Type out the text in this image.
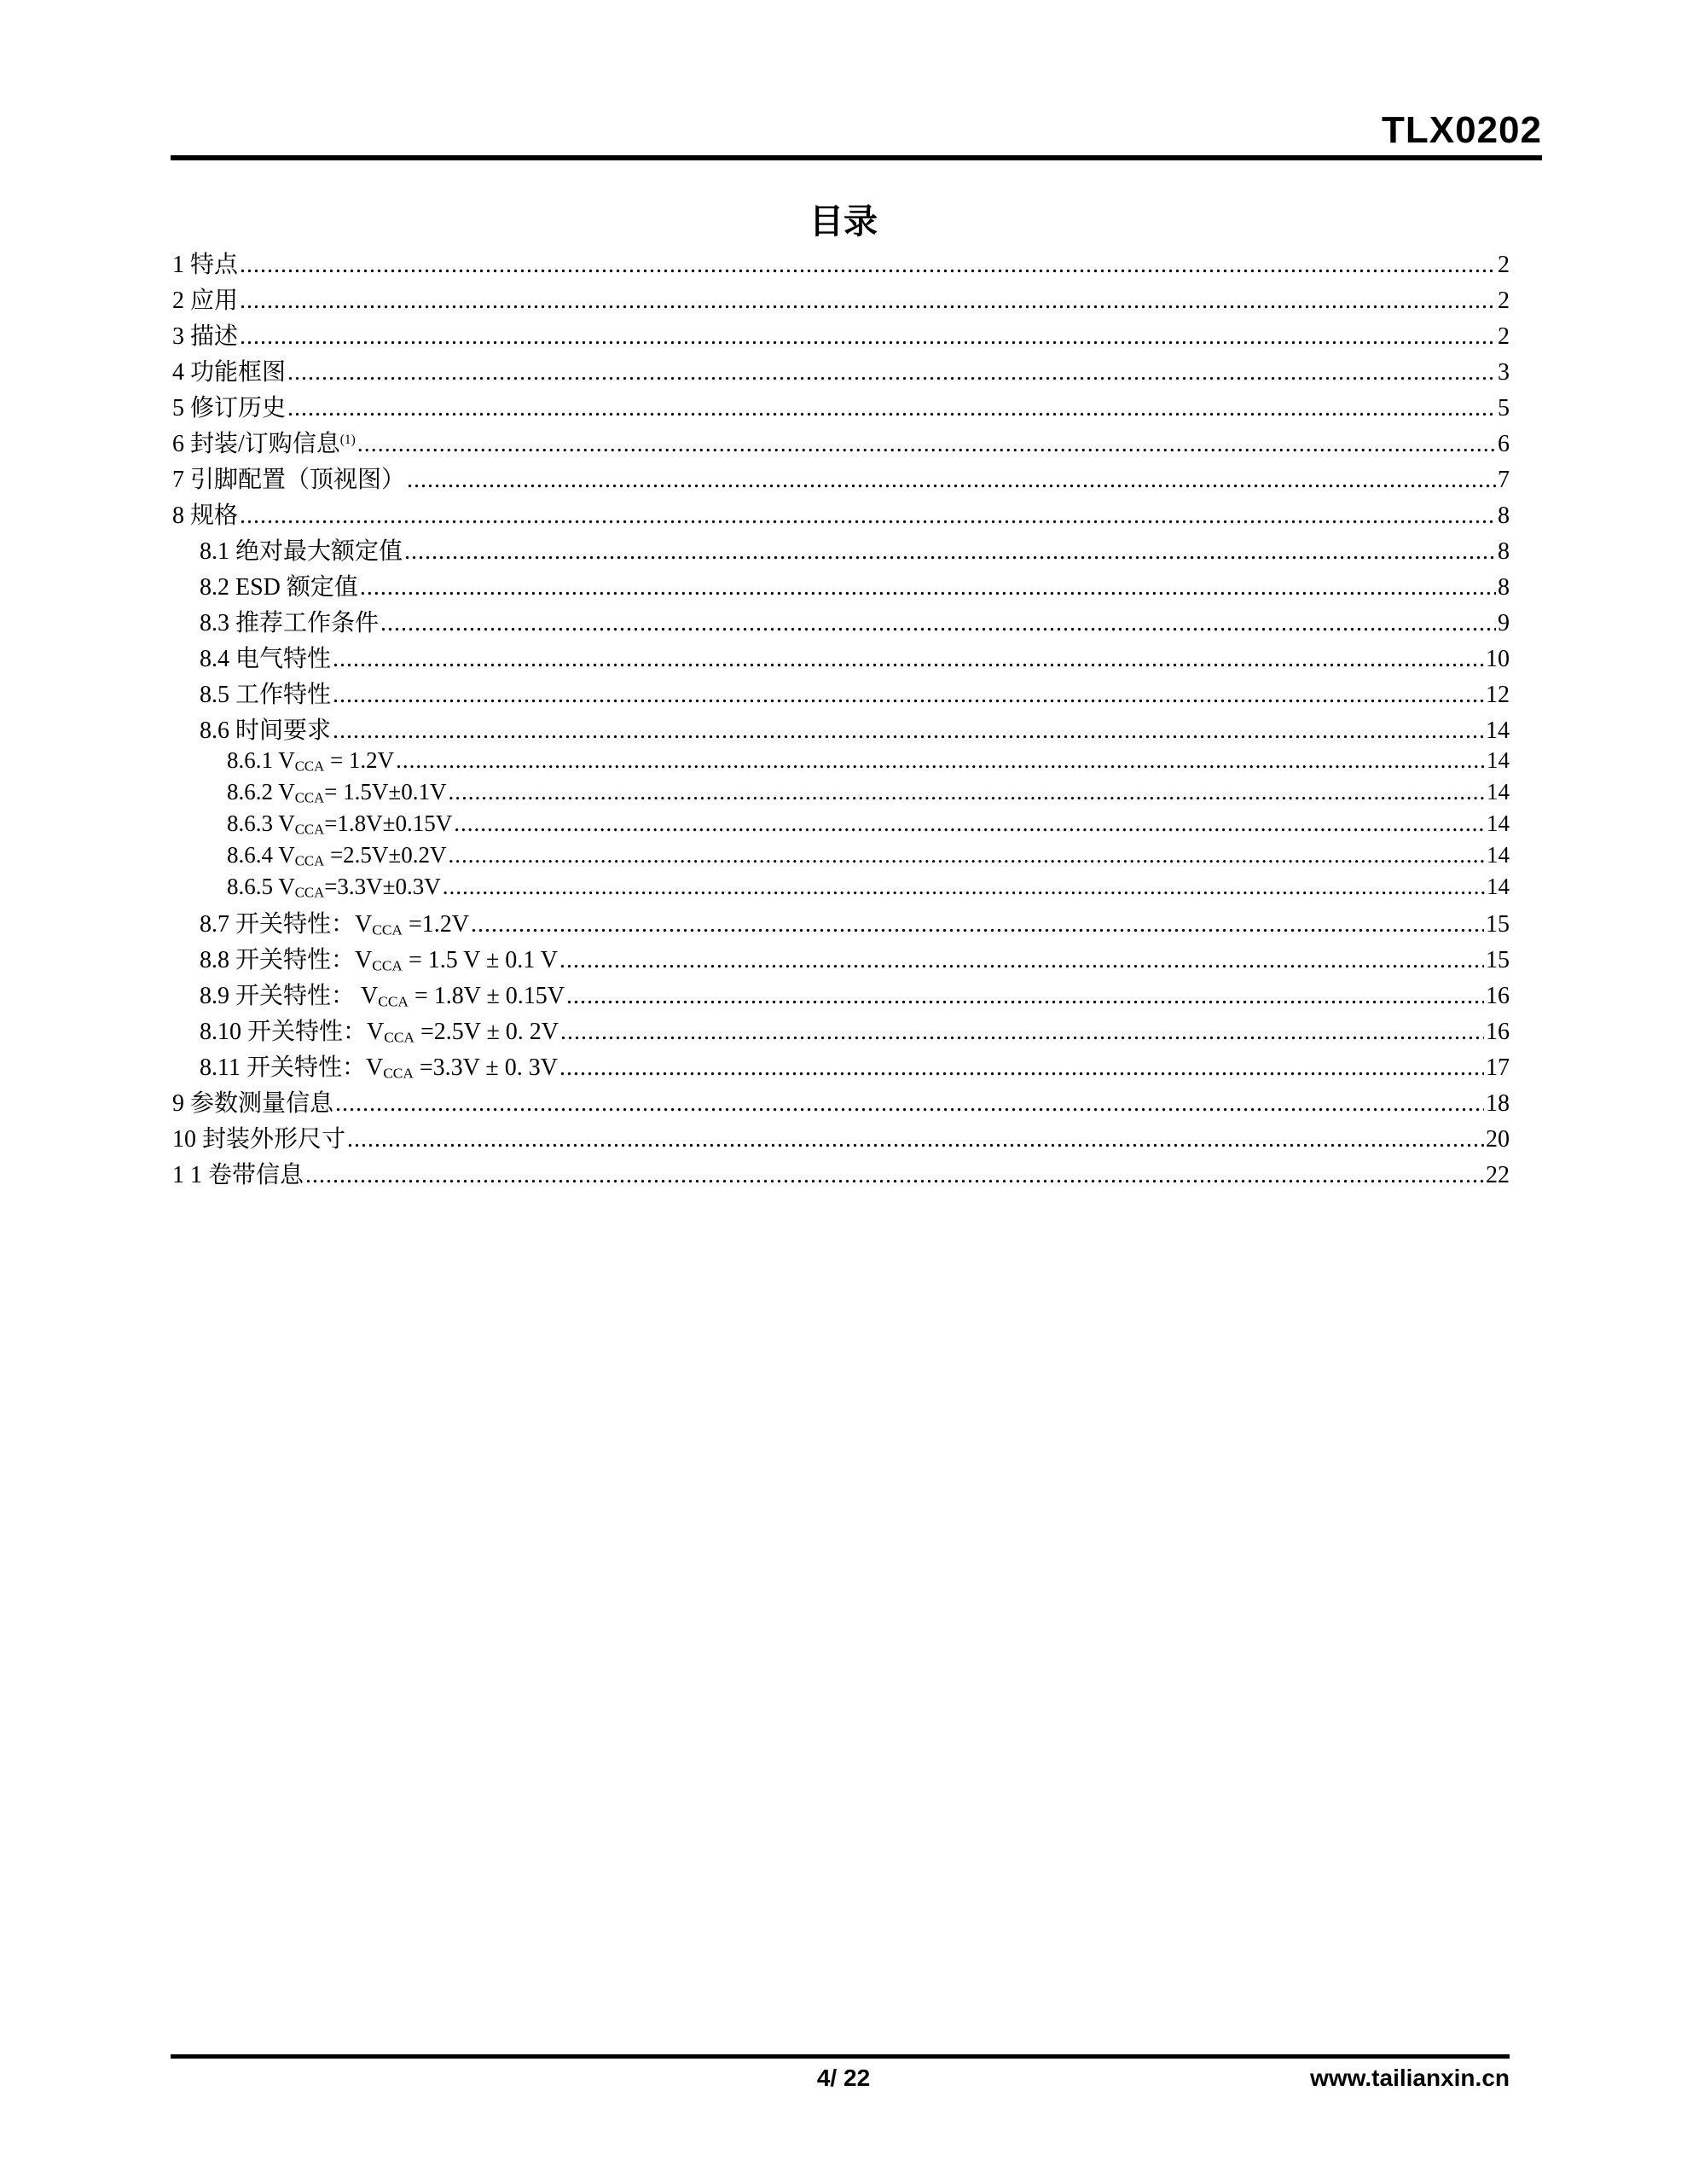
TLX0202
目录
1 特点 .....	2
2 应用 .....	2
3 描述 .....	2
4 功能框图 .....	3
5 修订历史 .....	5
6 封装/订购信息$^{(1)}$ .....	6
7 引脚配置（顶视图） .....	7
8 规格 .....	8
8.1 绝对最大额定值 .....	8
8.2 ESD 额定值 .....	8
8.3 推荐工作条件 .....	9
8.4 电气特性 .....	10
8.5 工作特性 .....	12
8.6 时间要求 .....	14
8.6.1 $V_{CCA} = 1.2V$ .....	14
8.6.2 $V_{CCA}= 1.5V\pm 0.1V$ .....	14
8.6.3 $V_{CCA}=1.8V\pm 0.15V$ .....	14
8.6.4 $V_{CCA} =2.5V\pm 0.2V$ .....	14
8.6.5 $V_{CCA}=3.3V\pm 0.3V$ .....	14
8.7 开关特性：$V_{CCA} =1.2V$ .....	15
8.8 开关特性：$V_{CCA} = 1.5$ V ± 0.1 V .....	15
8.9 开关特性： $V_{CCA} = 1.8V \pm 0.15V$ .....	16
8.10 开关特性：$V_{CCA} =2.5V \pm 0$. 2V .....	16
8.11 开关特性：$V_{CCA} =3.3V \pm 0$. 3V .....	17
9 参数测量信息 .....	18
10 封装外形尺寸 .....	20
1 1 卷带信息 .....	22
4/ 22	www.tailianxin.cn
